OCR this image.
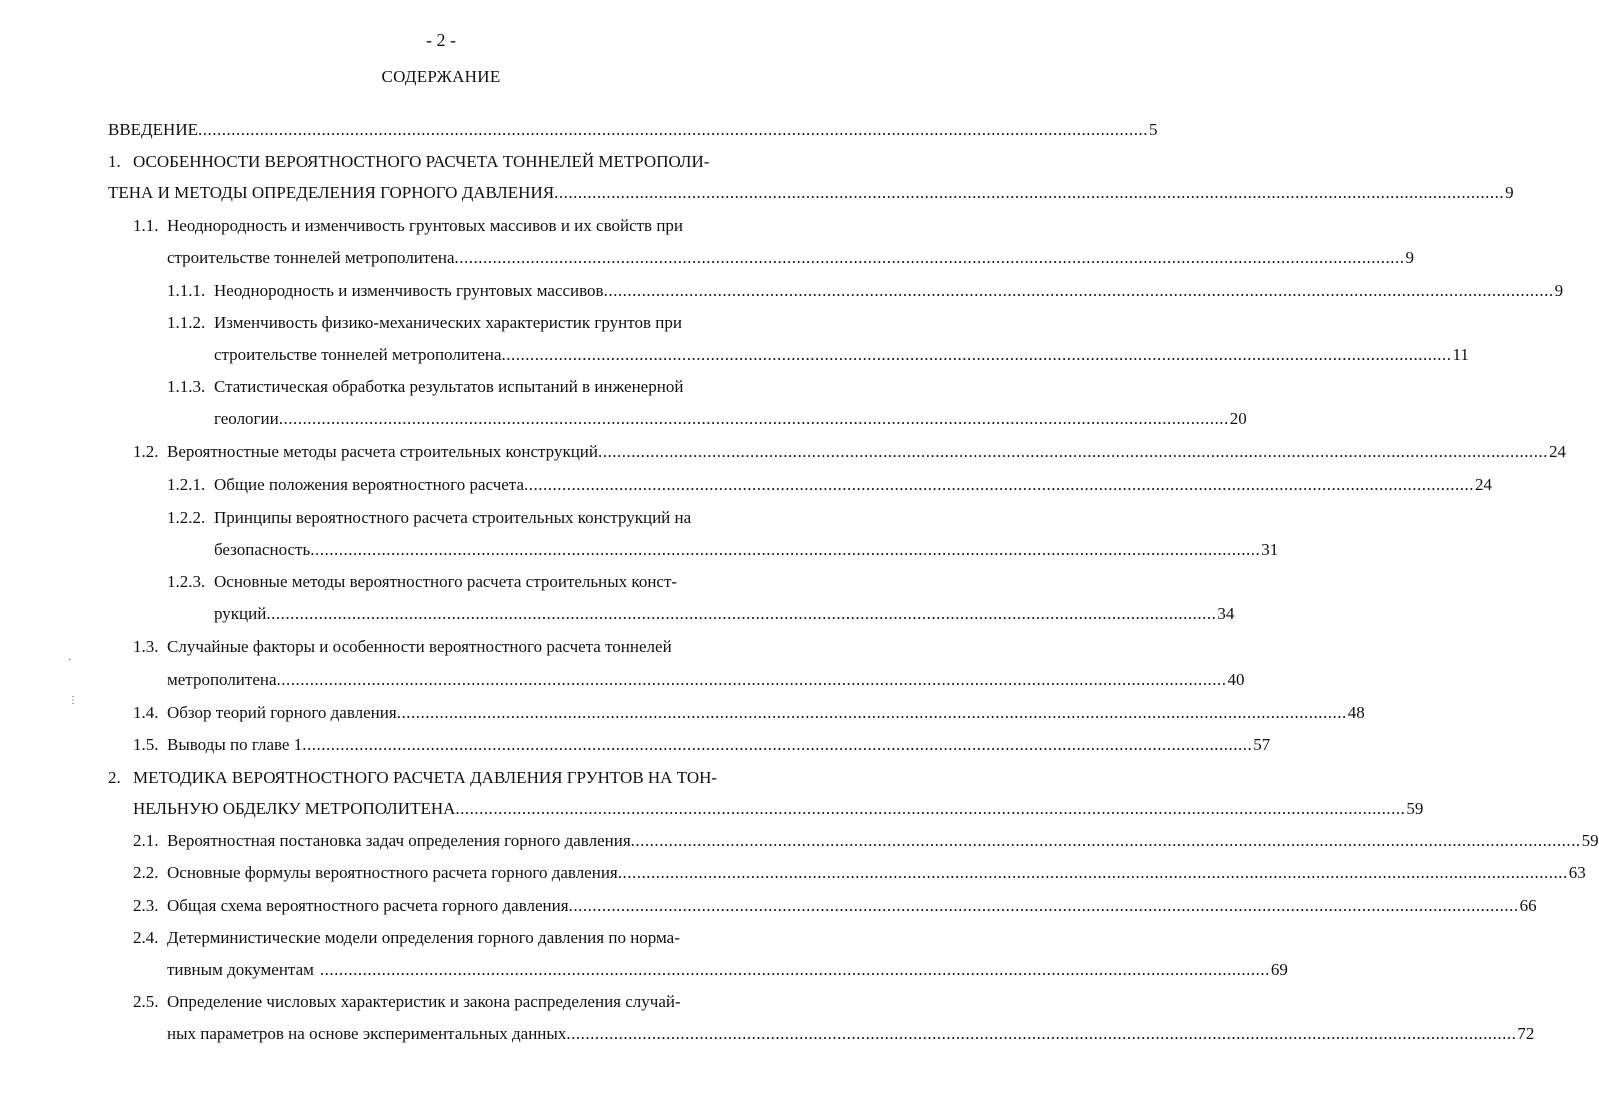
- 2 -
СОДЕРЖАНИЕ
ВВЕДЕНИЕ ........................................................................................................................................................................................................ 5
1. ОСОБЕННОСТИ ВЕРОЯТНОСТНОГО РАСЧЕТА ТОННЕЛЕЙ МЕТРОПОЛИ-
ТЕНА И МЕТОДЫ ОПРЕДЕЛЕНИЯ ГОРНОГО ДАВЛЕНИЯ ........................................................................................................................................................................................................ 9
1.1. Неоднородность и изменчивость грунтовых массивов и их свойств при
строительстве тоннелей метрополитена ........................................................................................................................................................................................................ 9
1.1.1. Неоднородность и изменчивость грунтовых массивов ........................................................................................................................................................................................................ 9
1.1.2. Изменчивость физико-механических характеристик грунтов при
строительстве тоннелей метрополитена ........................................................................................................................................................................................................ 11
1.1.3. Статистическая обработка результатов испытаний в инженерной
геологии ........................................................................................................................................................................................................ 20
1.2. Вероятностные методы расчета строительных конструкций ........................................................................................................................................................................................................ 24
1.2.1. Общие положения вероятностного расчета ........................................................................................................................................................................................................ 24
1.2.2. Принципы вероятностного расчета строительных конструкций на
безопасность ........................................................................................................................................................................................................ 31
1.2.3. Основные методы вероятностного расчета строительных конст-
рукций ........................................................................................................................................................................................................ 34
1.3. Случайные факторы и особенности вероятностного расчета тоннелей
метрополитена ........................................................................................................................................................................................................ 40
1.4. Обзор теорий горного давления ........................................................................................................................................................................................................ 48
1.5. Выводы по главе 1 ........................................................................................................................................................................................................ 57
2. МЕТОДИКА ВЕРОЯТНОСТНОГО РАСЧЕТА ДАВЛЕНИЯ ГРУНТОВ НА ТОН-
НЕЛЬНУЮ ОБДЕЛКУ МЕТРОПОЛИТЕНА ........................................................................................................................................................................................................ 59
2.1. Вероятностная постановка задач определения горного давления ........................................................................................................................................................................................................ 59
2.2. Основные формулы вероятностного расчета горного давления ........................................................................................................................................................................................................ 63
2.3. Общая схема вероятностного расчета горного давления ........................................................................................................................................................................................................ 66
2.4. Детерминистические модели определения горного давления по норма-
тивным документам ........................................................................................................................................................................................................ 69
2.5. Определение числовых характеристик и закона распределения случай-
ных параметров на основе экспериментальных данных ........................................................................................................................................................................................................ 72
·
⋮
